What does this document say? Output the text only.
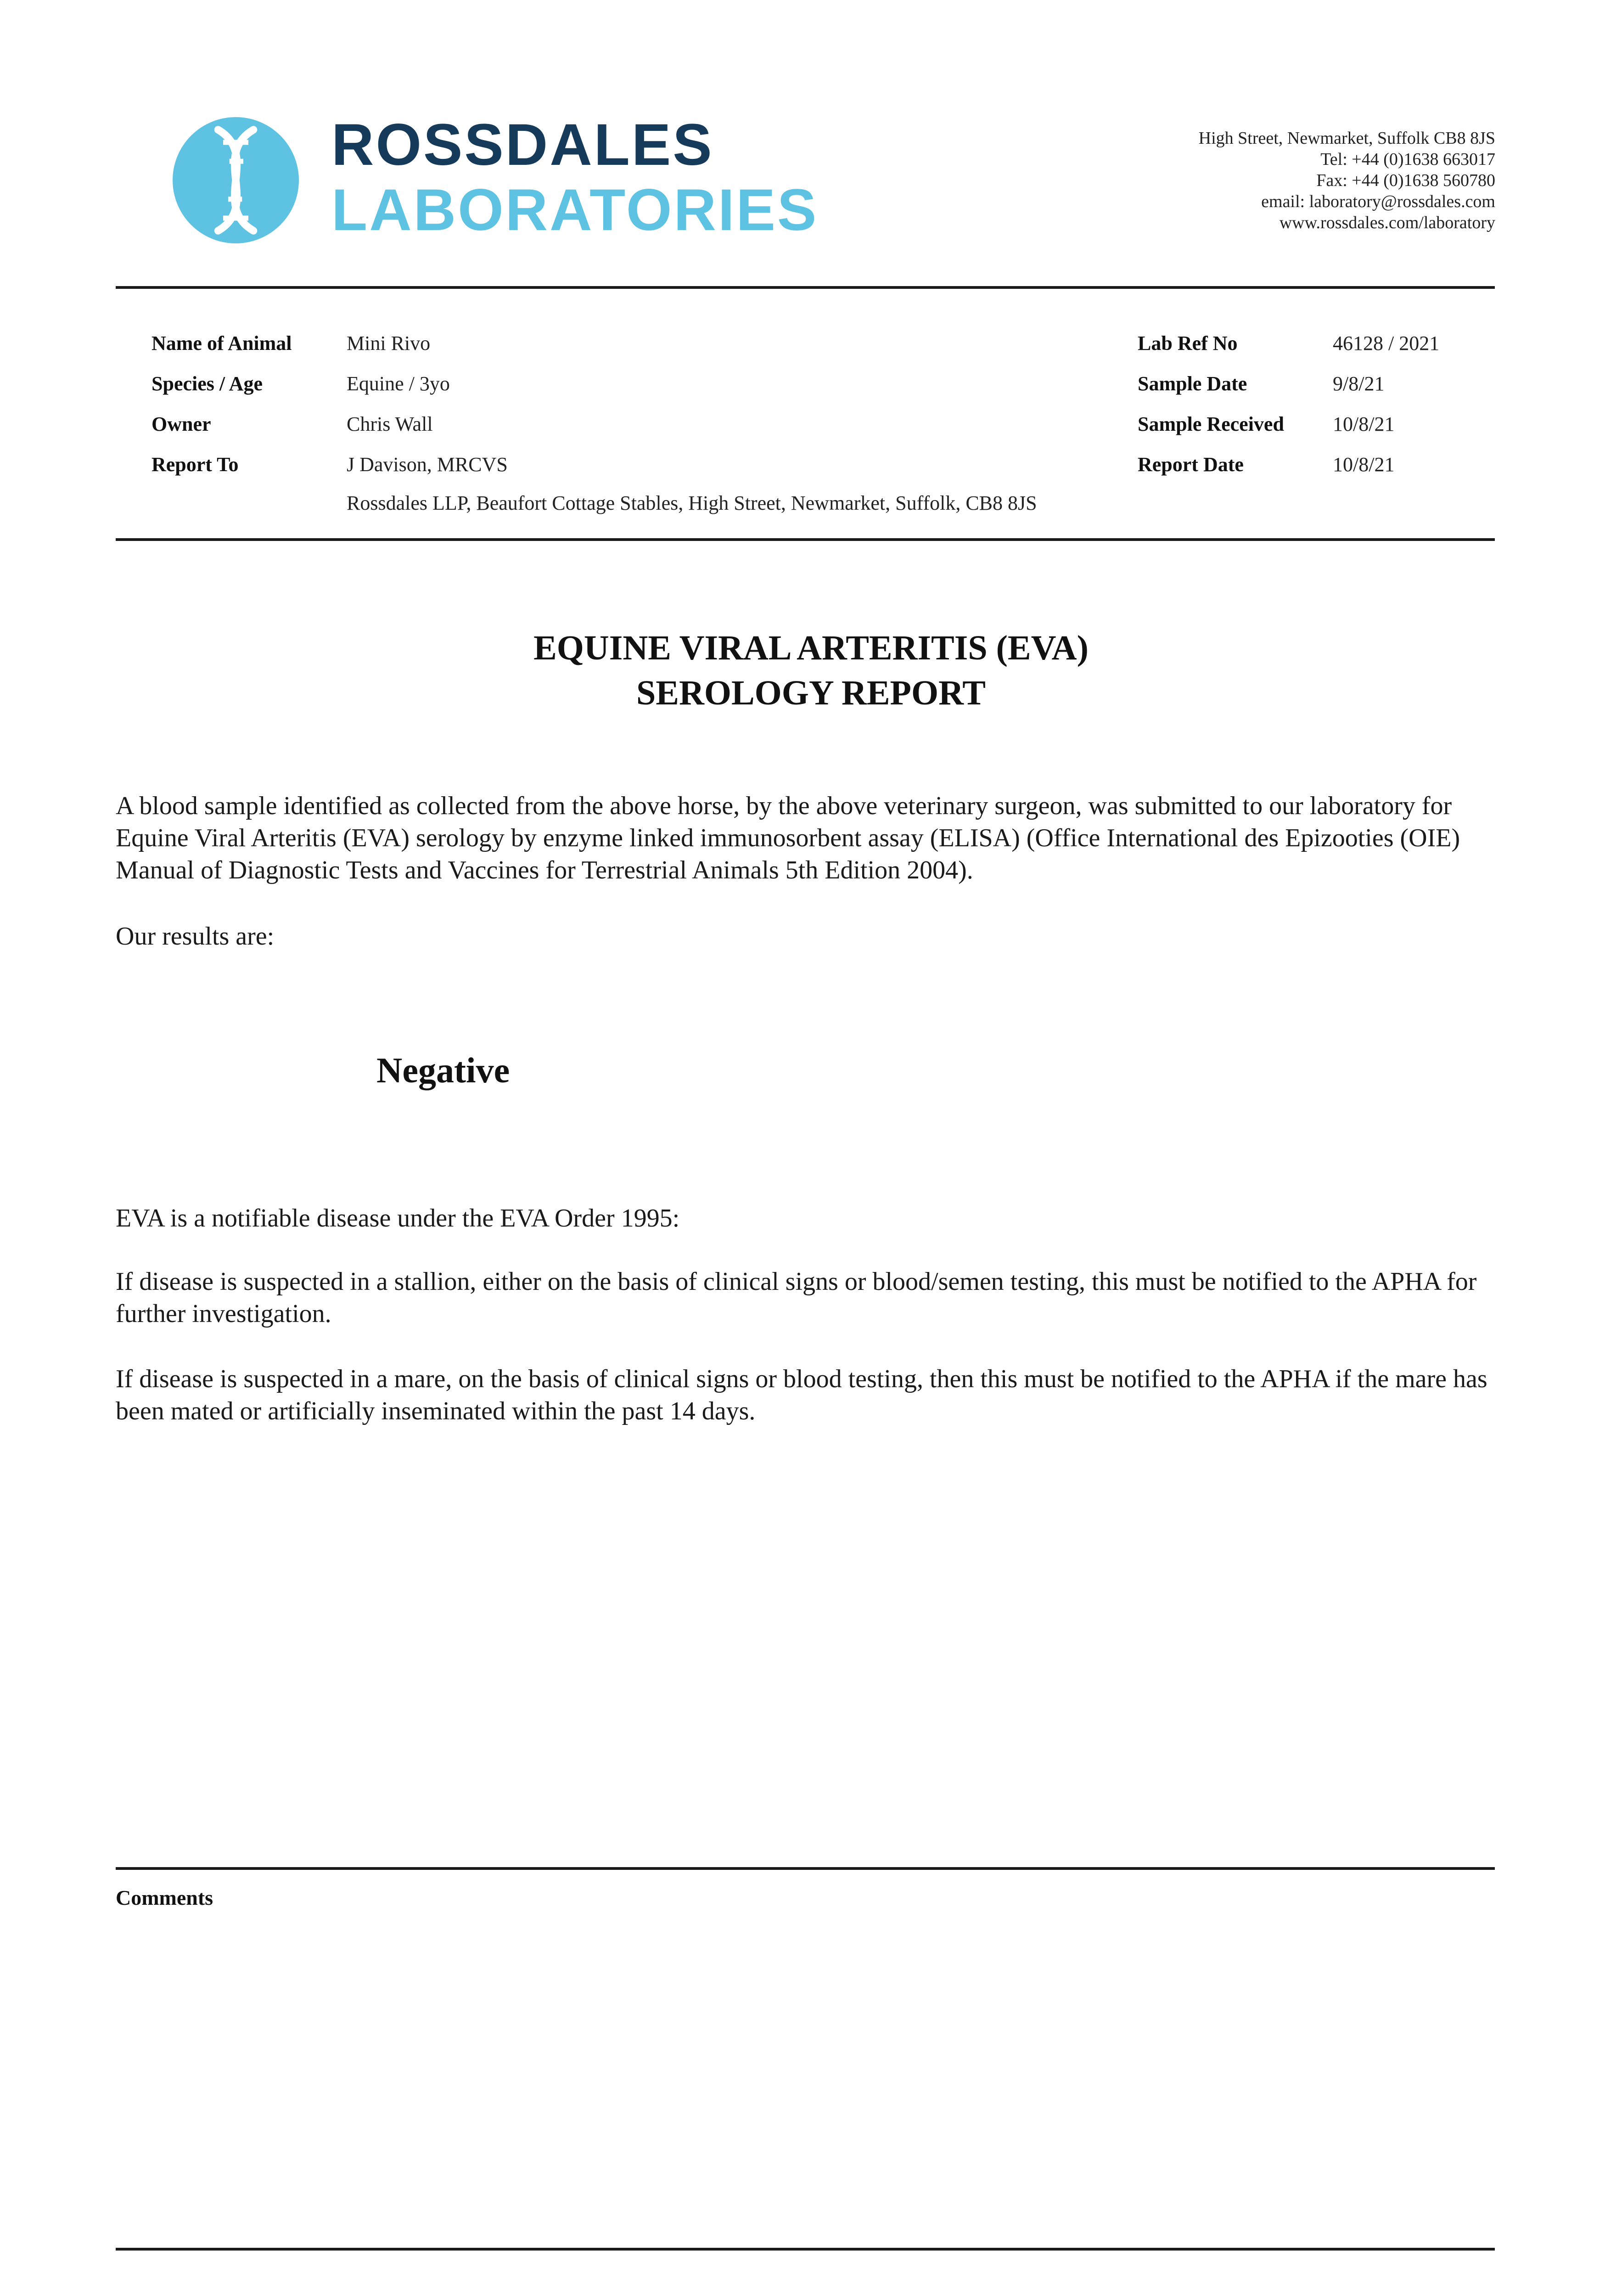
ROSSDALES
LABORATORIES
High Street, Newmarket, Suffolk CB8 8JS
Tel: +44 (0)1638 663017
Fax: +44 (0)1638 560780
email: laboratory@rossdales.com
www.rossdales.com/laboratory
Name of Animal	Mini Rivo
Species / Age	Equine / 3yo
Owner	Chris Wall
Report To	J Davison, MRCVS
Rossdales LLP, Beaufort Cottage Stables, High Street, Newmarket, Suffolk, CB8 8JS
Lab Ref No	46128 / 2021
Sample Date	9/8/21
Sample Received 10/8/21
Report Date	10/8/21
EQUINE VIRAL ARTERITIS (EVA)
SEROLOGY REPORT
A blood sample identified as collected from the above horse, by the above veterinary surgeon, was submitted to our laboratory for Equine Viral Arteritis (EVA) serology by enzyme linked immunosorbent assay (ELISA) (Office International des Epizooties (OIE) Manual of Diagnostic Tests and Vaccines for Terrestrial Animals 5th Edition 2004).
Our results are:
Negative
EVA is a notifiable disease under the EVA Order 1995:
If disease is suspected in a stallion, either on the basis of clinical signs or blood/semen testing, this must be notified to the APHA for further investigation.
If disease is suspected in a mare, on the basis of clinical signs or blood testing, then this must be notified to the APHA if the mare has been mated or artificially inseminated within the past 14 days.
Comments
